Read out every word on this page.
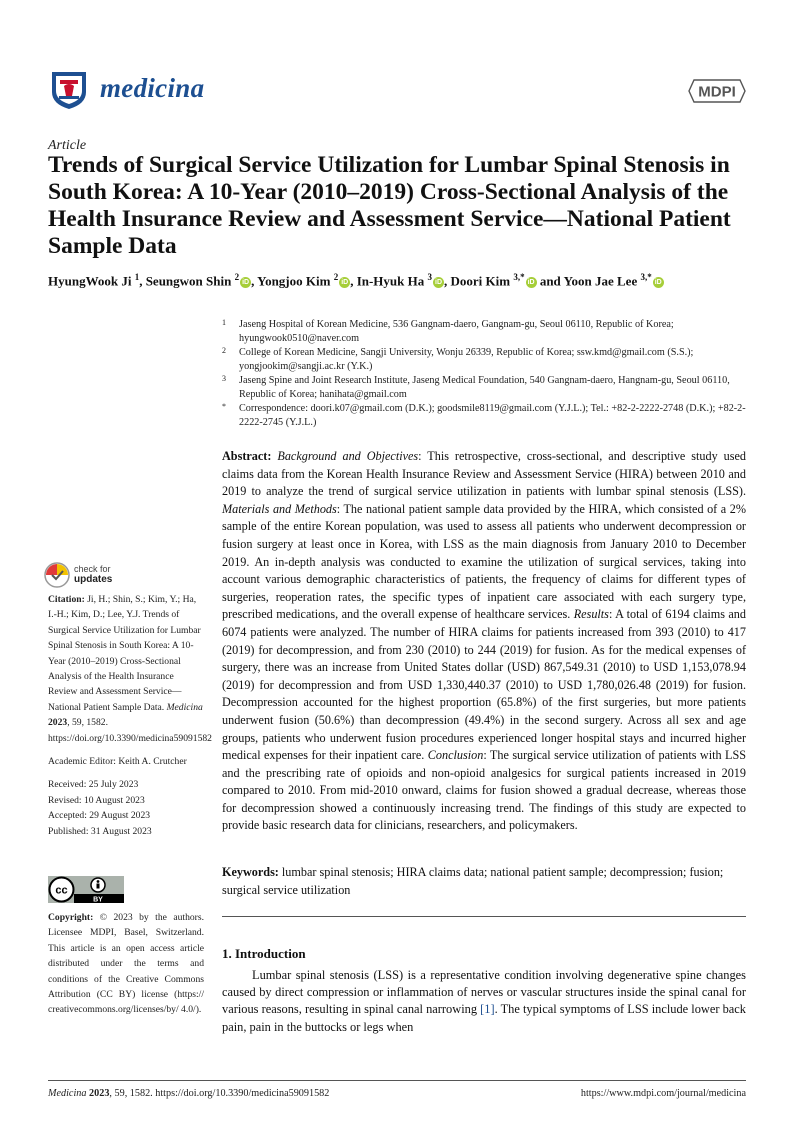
medicina	MDPI
Article
Trends of Surgical Service Utilization for Lumbar Spinal Stenosis in South Korea: A 10-Year (2010–2019) Cross-Sectional Analysis of the Health Insurance Review and Assessment Service—National Patient Sample Data
HyungWook Ji $^1$, Seungwon Shin $^2$iD , Yongjoo Kim $^2$iD , In-Hyuk Ha $^3$iD , Doori Kim $^{3,*}$iD and Yoon Jae Lee $^{3,*}$iD
1 Jaseng Hospital of Korean Medicine, 536 Gangnam-daero, Gangnam-gu, Seoul 06110, Republic of Korea; hyungwook0510@naver.com
2 College of Korean Medicine, Sangji University, Wonju 26339, Republic of Korea; ssw.kmd@gmail.com (S.S.); yongjookim@sangji.ac.kr (Y.K.)
3 Jaseng Spine and Joint Research Institute, Jaseng Medical Foundation, 540 Gangnam-daero, Hangnam-gu, Seoul 06110, Republic of Korea; hanihata@gmail.com
* Correspondence: doori.k07@gmail.com (D.K.); goodsmile8119@gmail.com (Y.J.L.); Tel.: +82-2-2222-2748 (D.K.); +82-2-2222-2745 (Y.J.L.)
Abstract: Background and Objectives: This retrospective, cross-sectional, and descriptive study used claims data from the Korean Health Insurance Review and Assessment Service (HIRA) between 2010 and 2019 to analyze the trend of surgical service utilization in patients with lumbar spinal stenosis (LSS). Materials and Methods: The national patient sample data provided by the HIRA, which consisted of a 2% sample of the entire Korean population, was used to assess all patients who underwent decompression or fusion surgery at least once in Korea, with LSS as the main diagnosis from January 2010 to December 2019. An in-depth analysis was conducted to examine the utilization of surgical services, taking into account various demographic characteristics of patients, the frequency of claims for different types of surgeries, reoperation rates, the specific types of inpatient care associated with each surgery type, prescribed medications, and the overall expense of healthcare services. Results: A total of 6194 claims and 6074 patients were analyzed. The number of HIRA claims for patients increased from 393 (2010) to 417 (2019) for decompression, and from 230 (2010) to 244 (2019) for fusion. As for the medical expenses of surgery, there was an increase from United States dollar (USD) 867,549.31 (2010) to USD 1,153,078.94 (2019) for decompression and from USD 1,330,440.37 (2010) to USD 1,780,026.48 (2019) for fusion. Decompression accounted for the highest proportion (65.8%) of the first surgeries, but more patients underwent fusion (50.6%) than decompression (49.4%) in the second surgery. Across all sex and age groups, patients who underwent fusion procedures experienced longer hospital stays and incurred higher medical expenses for their inpatient care. Conclusion: The surgical service utilization of patients with LSS and the prescribing rate of opioids and non-opioid analgesics for surgical patients increased in 2019 compared to 2010. From mid-2010 onward, claims for fusion showed a gradual decrease, whereas those for decompression showed a continuously increasing trend. The findings of this study are expected to provide basic research data for clinicians, researchers, and policymakers.
Keywords: lumbar spinal stenosis; HIRA claims data; national patient sample; decompression; fusion; surgical service utilization
1. Introduction

Lumbar spinal stenosis (LSS) is a representative condition involving degenerative spine changes caused by direct compression or inflammation of nerves or vascular structures inside the spinal canal for various reasons, resulting in spinal canal narrowing [1]. The typical symptoms of LSS include lower back pain, pain in the buttocks or legs when

check for
updates

Citation: Ji, H.; Shin, S.; Kim, Y.; Ha, I.-H.; Kim, D.; Lee, Y.J. Trends of Surgical Service Utilization for Lumbar Spinal Stenosis in South Korea: A 10-Year (2010–2019) Cross-Sectional Analysis of the Health Insurance Review and Assessment Service—National Patient Sample Data. Medicina 2023, 59, 1582. https://doi.org/10.3390/medicina59091582

Academic Editor: Keith A. Crutcher

Received: 25 July 2023

Revised: 10 August 2023

Accepted: 29 August 2023

Published: 31 August 2023

cc
BY
Copyright: © 2023 by the authors. Licensee MDPI, Basel, Switzerland. This article is an open access article distributed under the terms and conditions of the Creative Commons Attribution (CC BY) license (https:// creativecommons.org/licenses/by/ 4.0/).
Medicina 2023, 59, 1582. https://doi.org/10.3390/medicina59091582	https://www.mdpi.com/journal/medicina
